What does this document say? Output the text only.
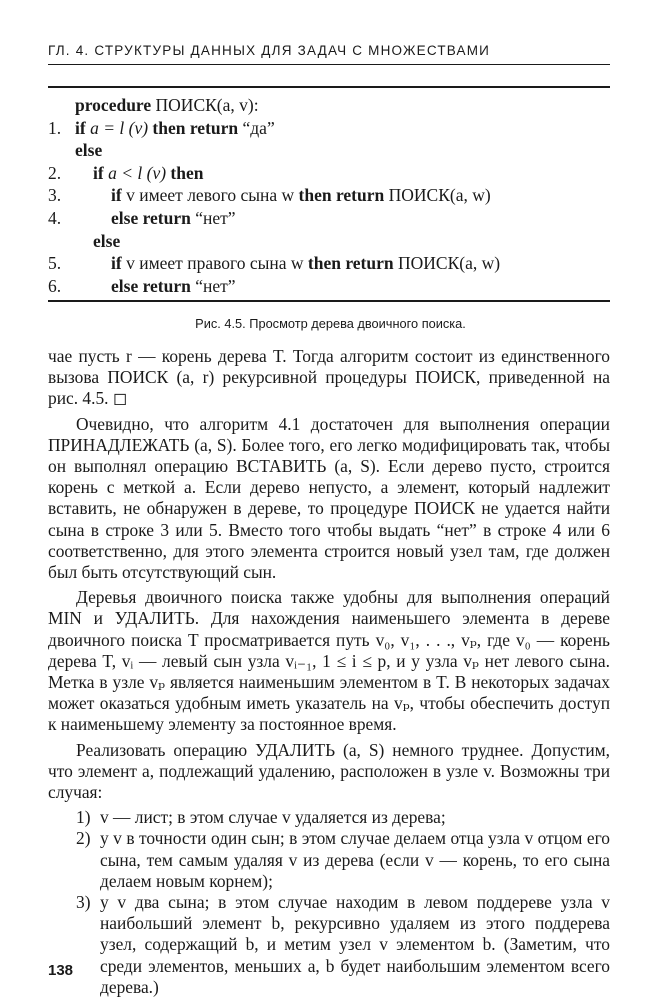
ГЛ. 4. СТРУКТУРЫ ДАННЫХ ДЛЯ ЗАДАЧ С МНОЖЕСТВАМИ
procedure ПОИСК(a, v):
1. if a = l (v) then return “да”
else
2.	if a < l (v) then
3.	if v имеет левого сына w then return ПОИСК(a, w)
4.	else return “нет”
else
5.	if v имеет правого сына w then return ПОИСК(a, w)
6.	else return “нет”
Рис. 4.5. Просмотр дерева двоичного поиска.

чае пусть r — корень дерева T. Тогда алгоритм состоит из единственного вызова ПОИСК (a, r) рекурсивной процедуры ПОИСК, приведенной на рис. 4.5. ◻

Очевидно, что алгоритм 4.1 достаточен для выполнения операции ПРИНАДЛЕЖАТЬ (a, S). Более того, его легко модифицировать так, чтобы он выполнял операцию ВСТАВИТЬ (a, S). Если дерево пусто, строится корень с меткой a. Если дерево непусто, а элемент, который надлежит вставить, не обнаружен в дереве, то процедуре ПОИСК не удается найти сына в строке 3 или 5. Вместо того чтобы выдать “нет” в строке 4 или 6 соответственно, для этого элемента строится новый узел там, где должен был быть отсутствующий сын.

Деревья двоичного поиска также удобны для выполнения операций MIN и УДАЛИТЬ. Для нахождения наименьшего элемента в дереве двоичного поиска T просматривается путь v₀, v₁, . . ., vₚ, где v₀ — корень дерева T, vᵢ — левый сын узла vᵢ₋₁, 1 ≤ i ≤ p, и у узла vₚ нет левого сына. Метка в узле vₚ является наименьшим элементом в T. В некоторых задачах может оказаться удобным иметь указатель на vₚ, чтобы обеспечить доступ к наименьшему элементу за постоянное время.

Реализовать операцию УДАЛИТЬ (a, S) немного труднее. Допустим, что элемент a, подлежащий удалению, расположен в узле v. Возможны три случая:

1) v — лист; в этом случае v удаляется из дерева;
2) у v в точности один сын; в этом случае делаем отца узла v отцом его сына, тем самым удаляя v из дерева (если v — корень, то его сына делаем новым корнем);
3) у v два сына; в этом случае находим в левом поддереве узла v наибольший элемент b, рекурсивно удаляем из этого поддерева узел, содержащий b, и метим узел v элементом b. (Заметим, что среди элементов, меньших a, b будет наибольшим элементом всего дерева.)
138
